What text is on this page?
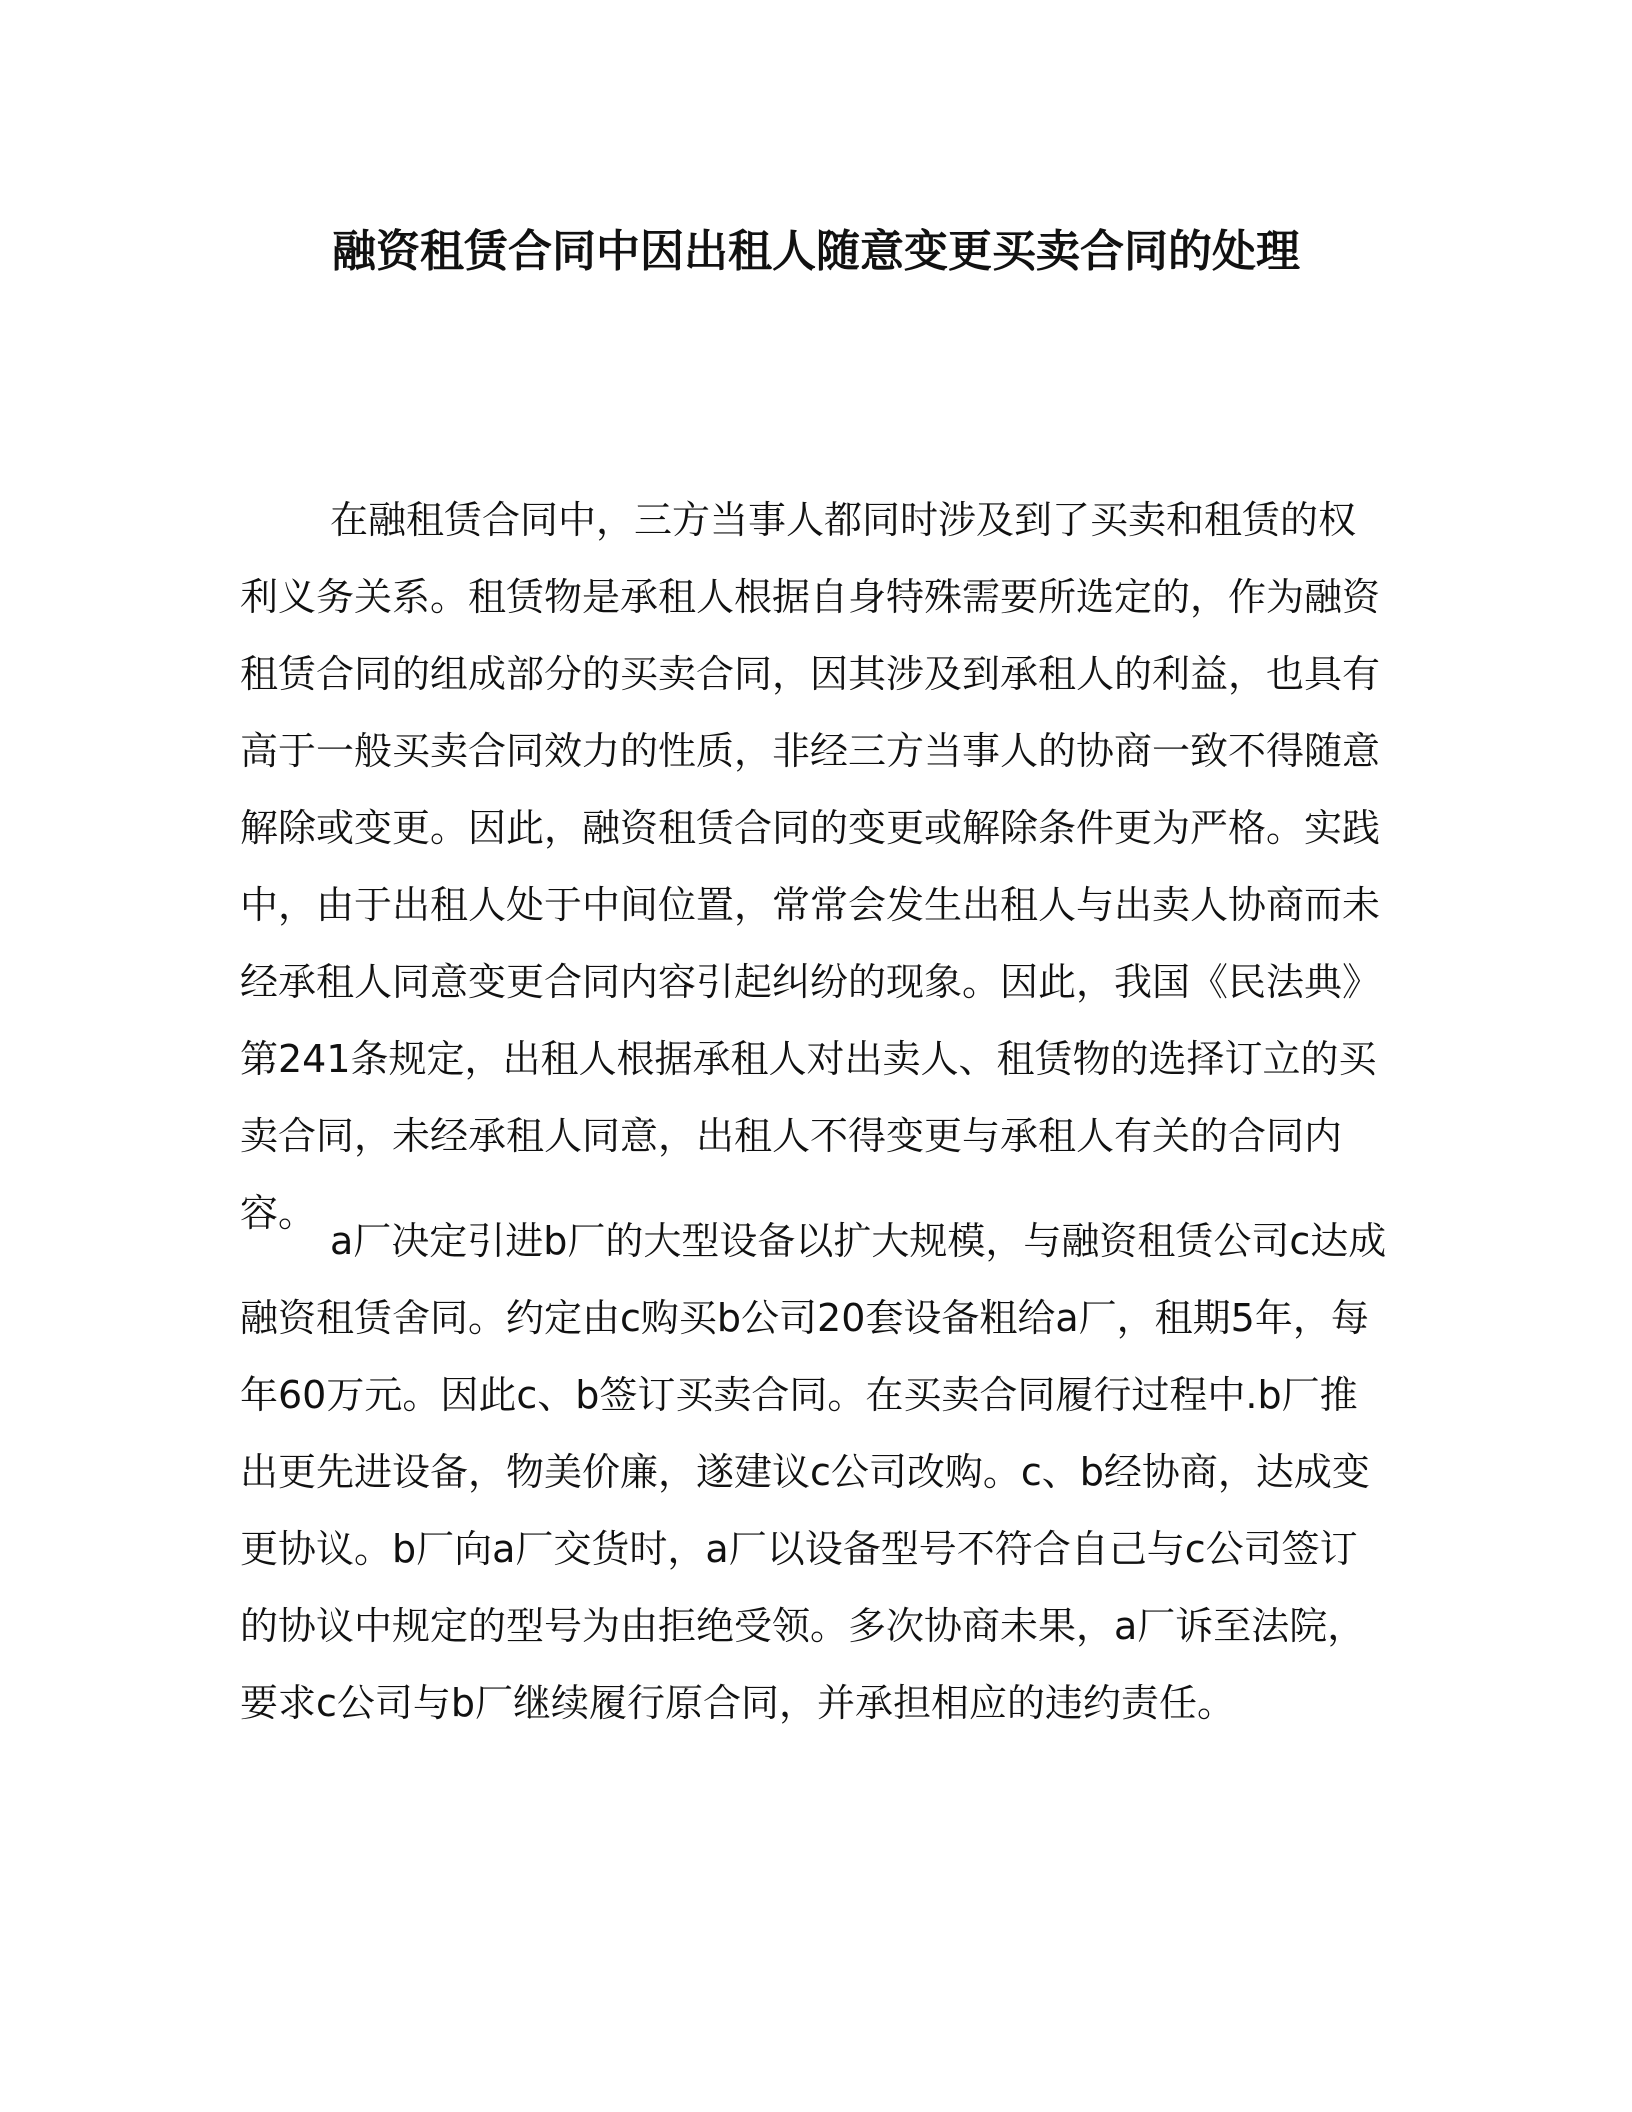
融资租赁合同中因出租人随意变更买卖合同的处理

在融租赁合同中，三方当事人都同时涉及到了买卖和租赁的权利义务关系。租赁物是承租人根据自身特殊需要所选定的，作为融资租赁合同的组成部分的买卖合同，因其涉及到承租人的利益，也具有高于一般买卖合同效力的性质，非经三方当事人的协商一致不得随意解除或变更。因此，融资租赁合同的变更或解除条件更为严格。实践中，由于出租人处于中间位置，常常会发生出租人与出卖人协商而未经承租人同意变更合同内容引起纠纷的现象。因此，我国《民法典》第241条规定，出租人根据承租人对出卖人、租赁物的选择订立的买卖合同，未经承租人同意，出租人不得变更与承租人有关的合同内容。

a厂决定引进b厂的大型设备以扩大规模，与融资租赁公司c达成融资租赁舍同。约定由c购买b公司20套设备粗给a厂，租期5年，每年60万元。因此c、b签订买卖合同。在买卖合同履行过程中.b厂推出更先进设备，物美价廉，遂建议c公司改购。c、b经协商，达成变更协议。b厂向a厂交货时，a厂以设备型号不符合自己与c公司签订的协议中规定的型号为由拒绝受领。多次协商未果，a厂诉至法院，要求c公司与b厂继续履行原合同，并承担相应的违约责任。
